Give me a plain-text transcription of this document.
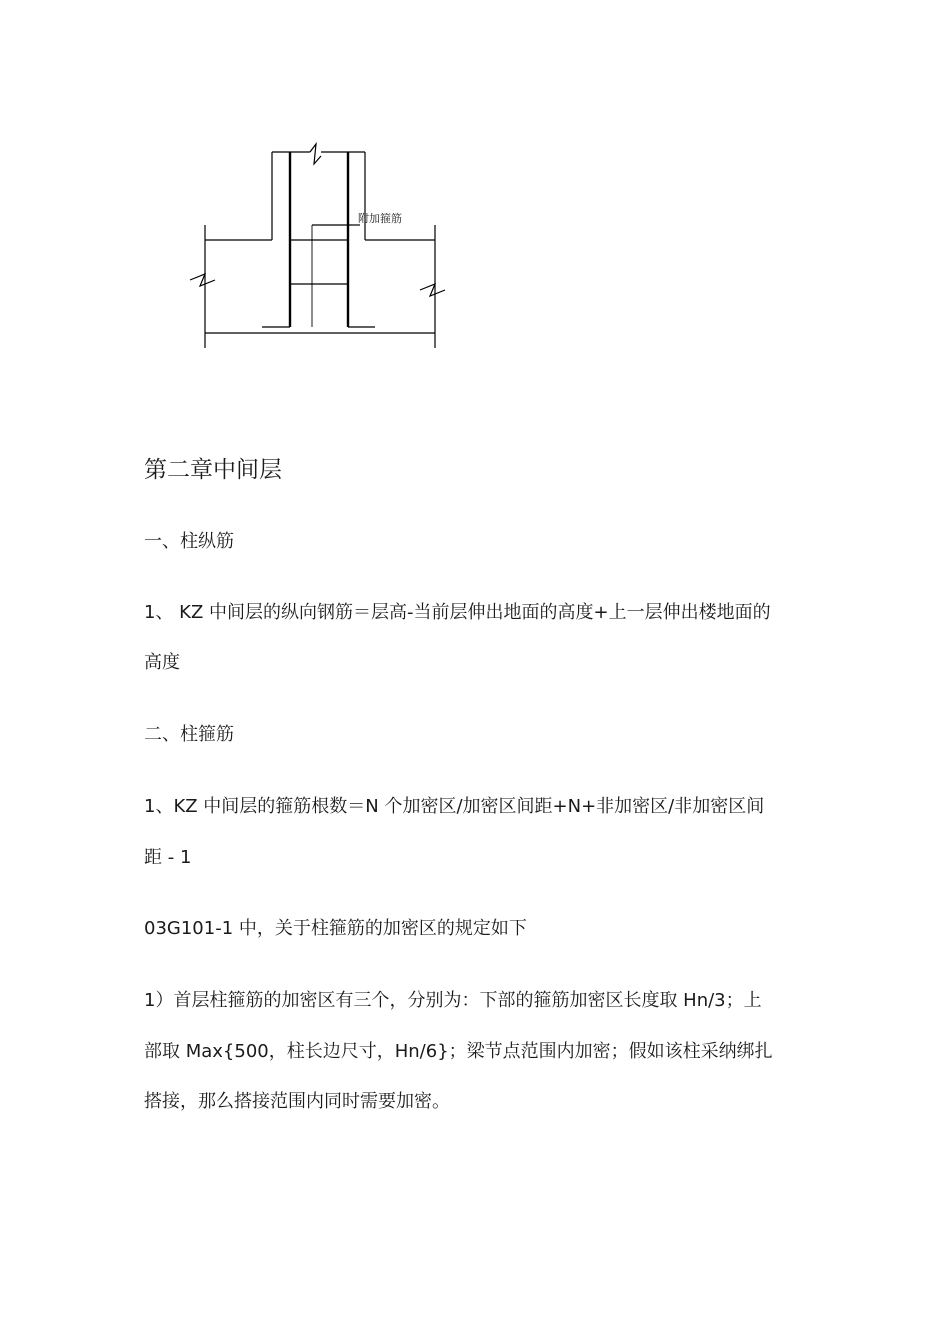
附加箍筋
第二章中间层
一、柱纵筋
1、 KZ 中间层的纵向钢筋＝层高-当前层伸出地面的高度+上一层伸出楼地面的
高度
二、柱箍筋
1、KZ 中间层的箍筋根数＝N 个加密区/加密区间距+N+非加密区/非加密区间
距 - 1
03G101-1 中，关于柱箍筋的加密区的规定如下
1）首层柱箍筋的加密区有三个，分别为：下部的箍筋加密区长度取 Hn/3；上
部取 Max{500，柱长边尺寸，Hn/6}；梁节点范围内加密；假如该柱采纳绑扎
搭接，那么搭接范围内同时需要加密。
